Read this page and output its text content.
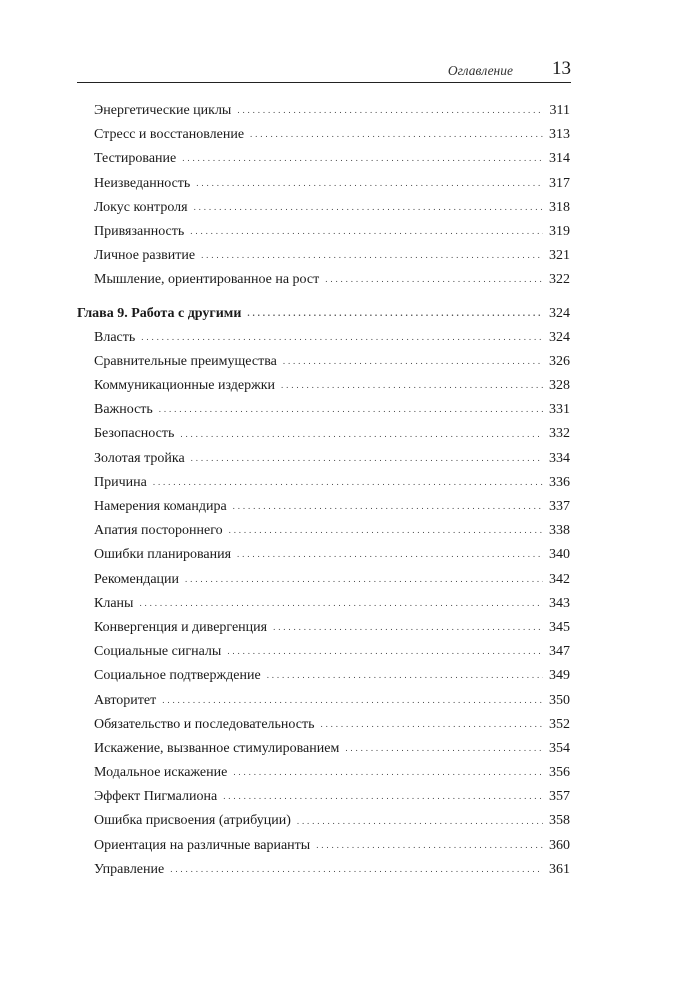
Оглавление 13
Энергетические циклы . . .	311
Стресс и восстановление . . .	313
Тестирование . . .	314
Неизведанность . . .	317
Локус контроля . . .	318
Привязанность . . .	319
Личное развитие . . .	321
Мышление, ориентированное на рост . . .	322
Глава 9. Работа с другими . . .	324
Власть . . .	324
Сравнительные преимущества . . .	326
Коммуникационные издержки . . .	328
Важность . . .	331
Безопасность . . .	332
Золотая тройка . . .	334
Причина . . .	336
Намерения командира . . .	337
Апатия постороннего . . .	338
Ошибки планирования . . .	340
Рекомендации . . .	342
Кланы . . .	343
Конвергенция и дивергенция . . .	345
Социальные сигналы . . .	347
Социальное подтверждение . . .	349
Авторитет . . .	350
Обязательство и последовательность . . .	352
Искажение, вызванное стимулированием . . .	354
Модальное искажение . . .	356
Эффект Пигмалиона . . .	357
Ошибка присвоения (атрибуции) . . .	358
Ориентация на различные варианты . . .	360
Управление . . .	361
